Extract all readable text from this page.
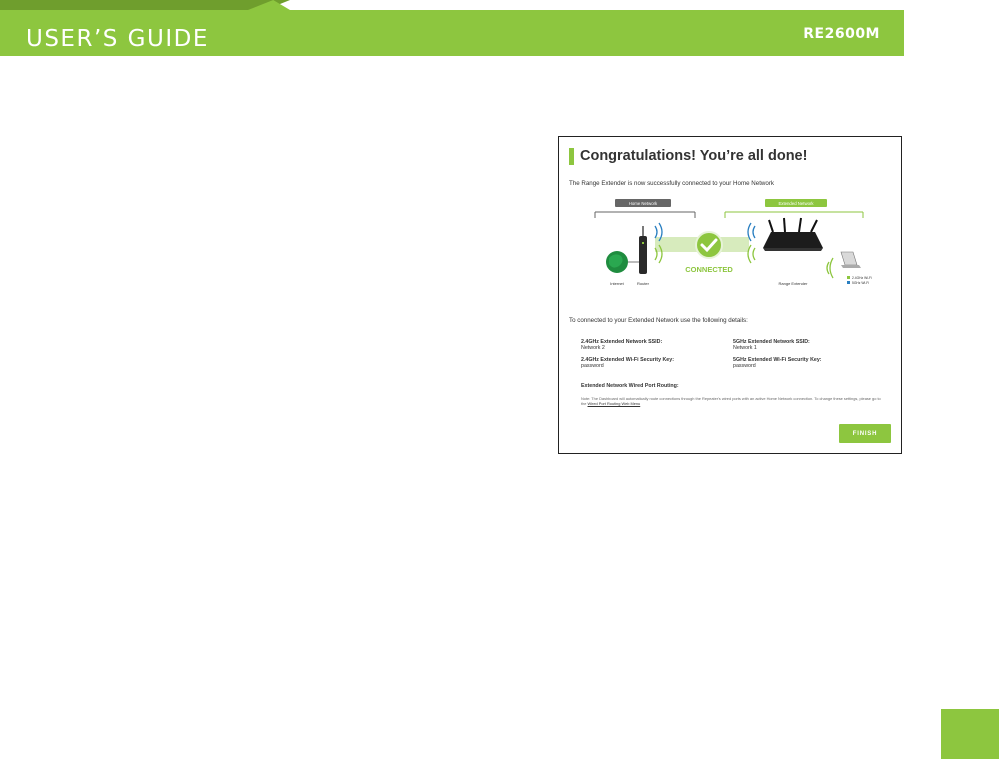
USER’S GUIDE	RE2600M
Congratulations! You’re all done!
The Range Extender is now successfully connected to your Home Network
Home Network	Extended Network
Internet	Router
CONNECTED
Range Extender
2.4GHz Wi-Fi
5GHz Wi-Fi
To connected to your Extended Network use the following details:
2.4GHz Extended Network SSID:
Network 2
5GHz Extended Network SSID:
Network 1
2.4GHz Extended Wi-Fi Security Key:
password
5GHz Extended Wi-Fi Security Key:
password
Extended Network Wired Port Routing:
Note: The Dashboard will automatically route connections through the Repeater's wired ports with an active Home Network connection. To change these settings, please go to the Wired Port Routing Web Menu
FINISH
